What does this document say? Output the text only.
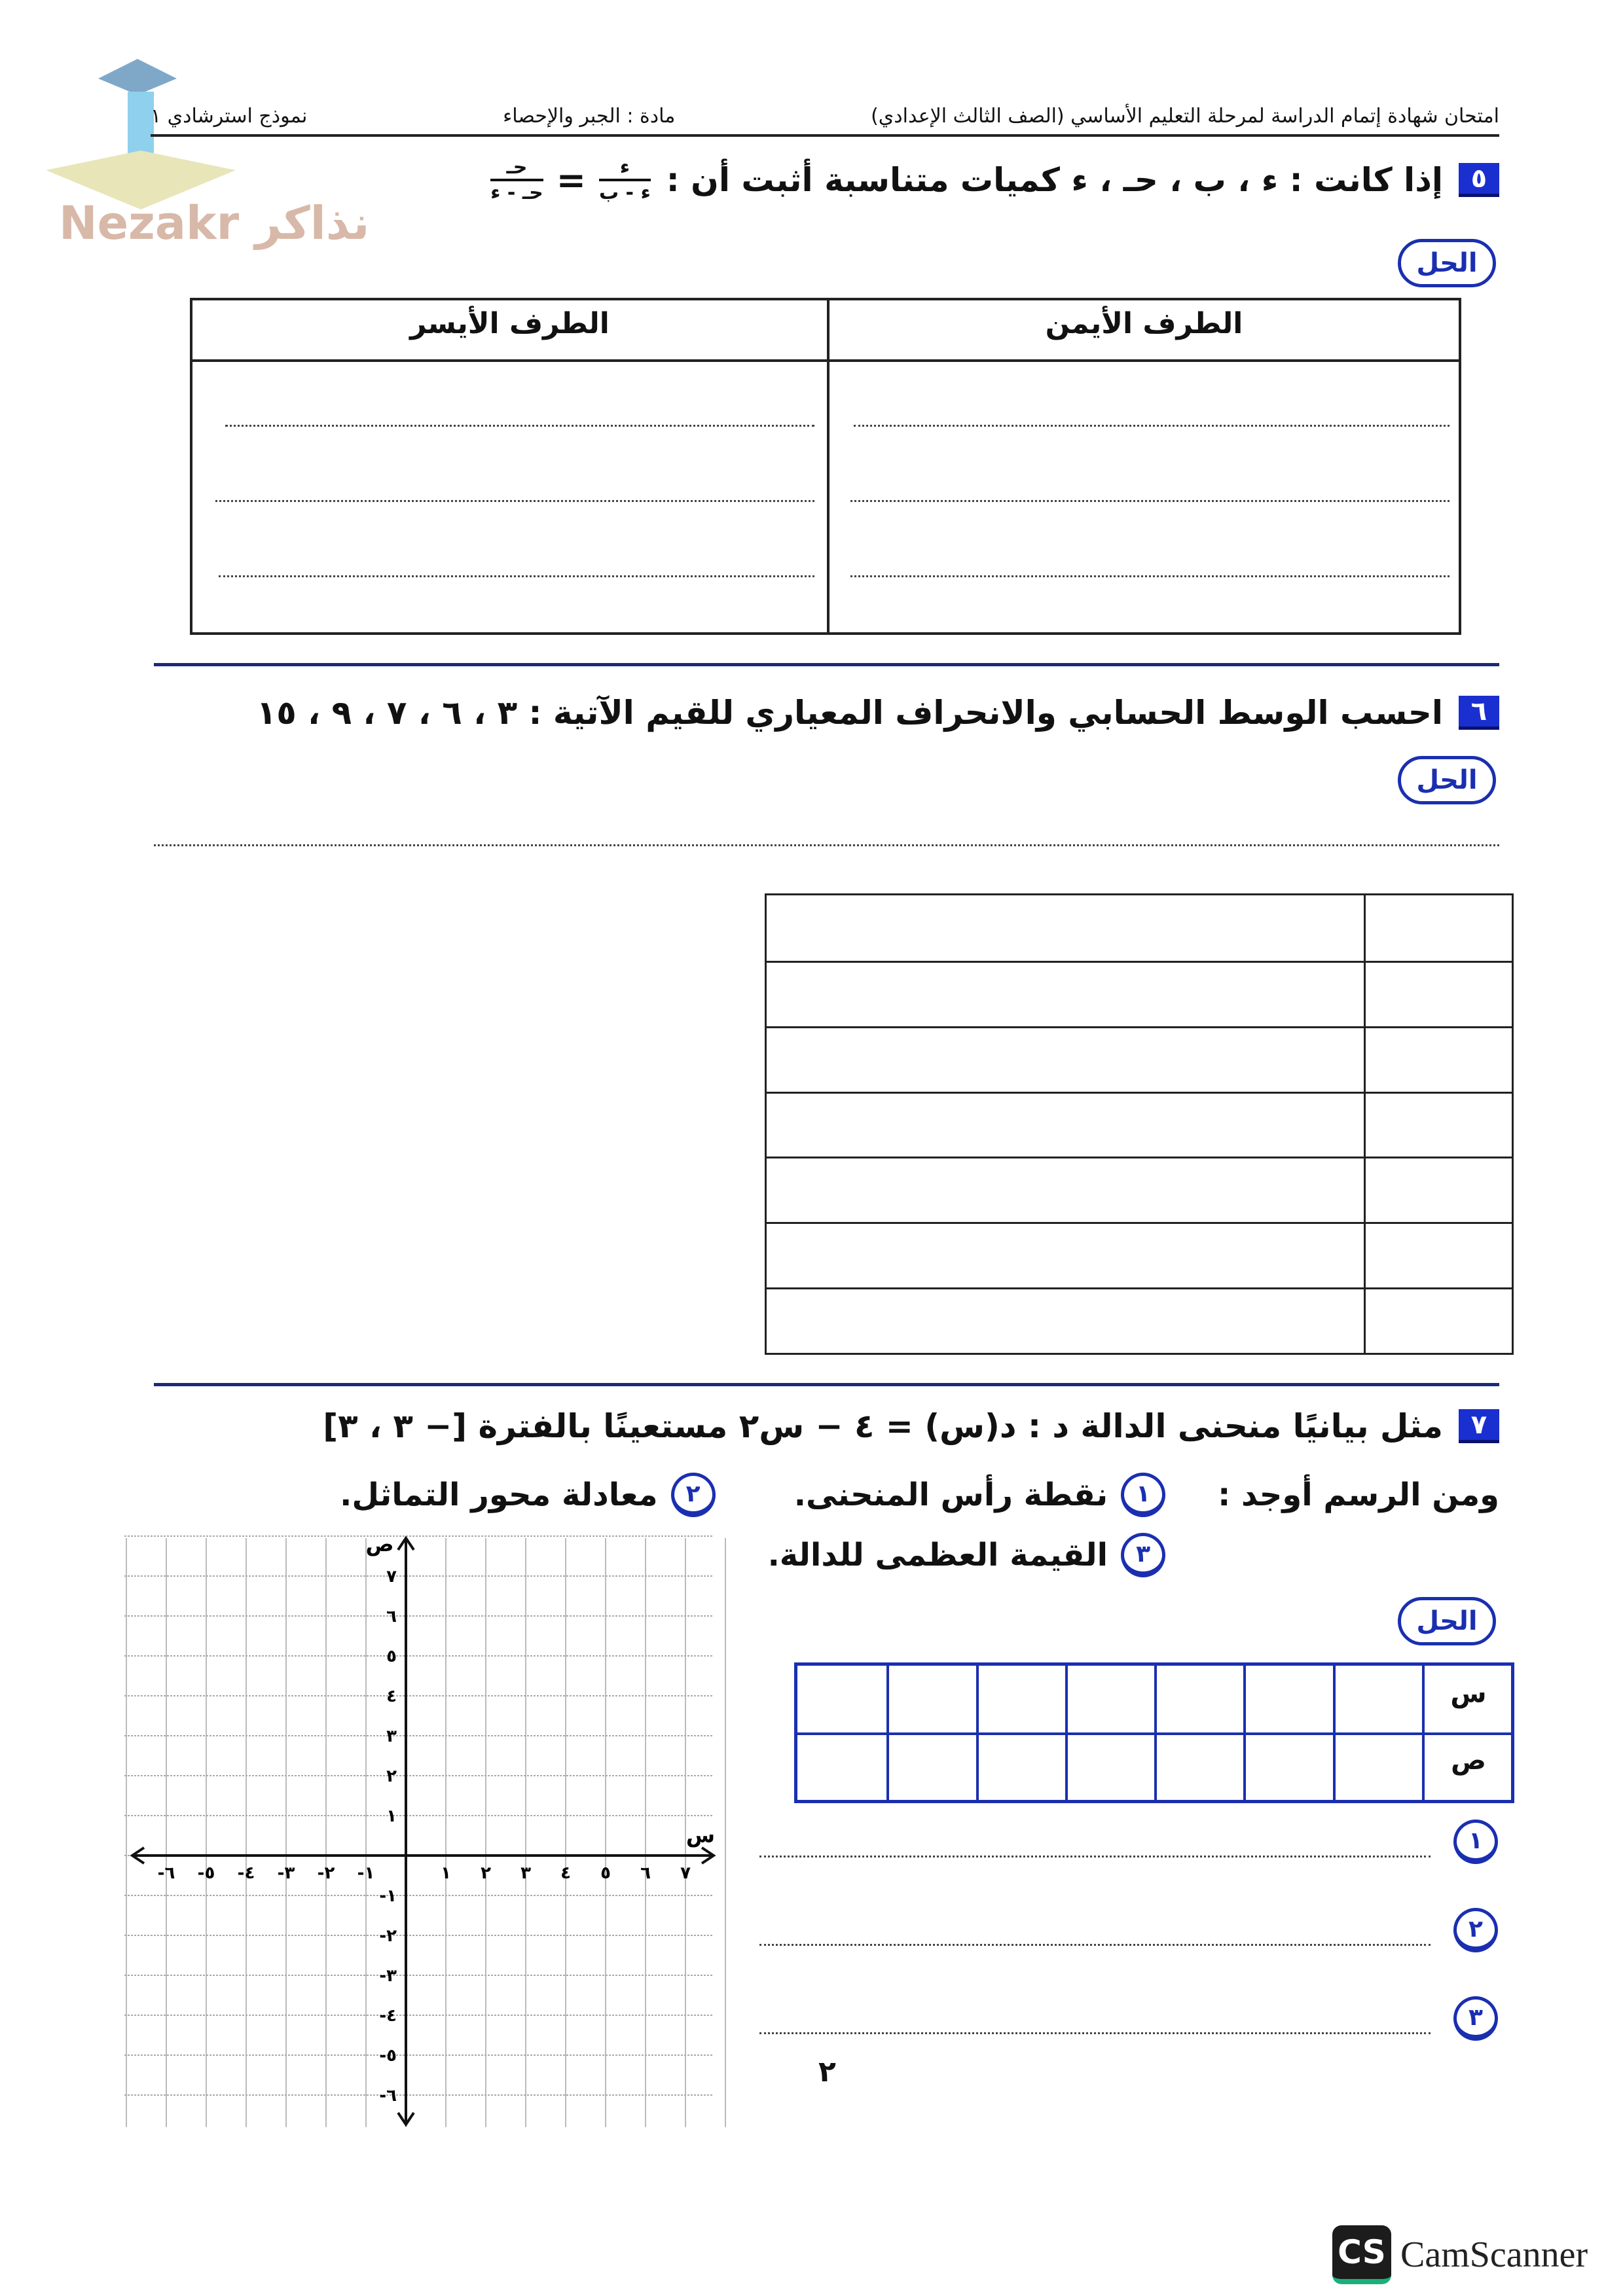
Nezakr نذاكر
امتحان شهادة إتمام الدراسة لمرحلة التعليم الأساسي (الصف الثالث الإعدادي)
مادة : الجبر والإحصاء
نموذج استرشادي ١
٥
إذا كانت : ء ، ب ، حـ ، ء كميات متناسبة أثبت أن :
حـ
حـ - ء =	ء
ء - ب
الحل
الطرف الأيمن
الطرف الأيسر
٦
احسب الوسط الحسابي والانحراف المعياري للقيم الآتية : ٣ ، ٦ ، ٧ ، ٩ ، ١٥
الحل
٧
مثل بيانيًا منحنى الدالة د : د(س) = ٤ − س٢ مستعينًا بالفترة [− ٣ ، ٣]
ومن الرسم أوجد :
١
نقطة رأس المنحنى.
٢
معادلة محور التماثل.
٣
القيمة العظمى للدالة.
الحل
س
ص
١
٢
٣
١ ٢ ٣ ٤ ٥ ٦ ٧
-١
-٢
-٣
-٤
-٥
-٦
١
٢
٣
٤
٥
٦
٧
-١
-٢
-٣
-٤
-٥
-٦
س
ص
٢
CS CamScanner
